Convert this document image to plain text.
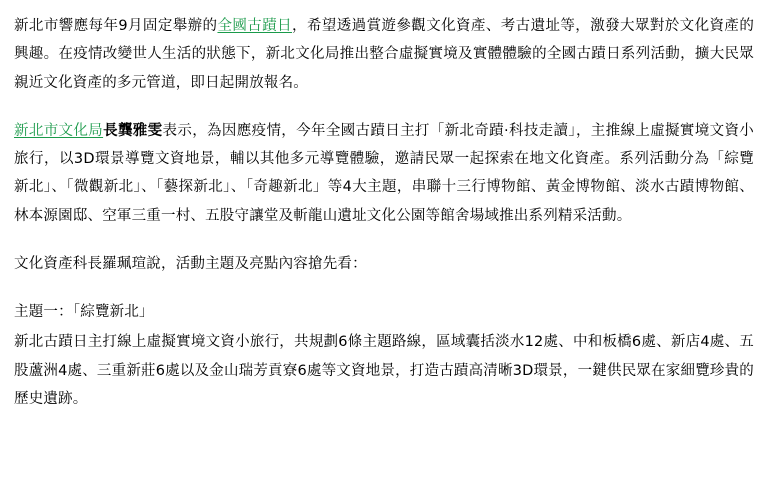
新北市響應每年9月固定舉辦的全國古蹟日，希望透過賞遊參觀文化資產、考古遺址等，激發大眾對於文化資產的興趣。在疫情改變世人生活的狀態下，新北文化局推出整合虛擬實境及實體體驗的全國古蹟日系列活動，擴大民眾親近文化資產的多元管道，即日起開放報名。

新北市文化局長龔雅雯表示，為因應疫情，今年全國古蹟日主打「新北奇蹟·科技走讀」，主推線上虛擬實境文資小旅行，以3D環景導覽文資地景，輔以其他多元導覽體驗，邀請民眾一起探索在地文化資產。系列活動分為「綜覽新北」、「微觀新北」、「藝探新北」、「奇趣新北」等4大主題，串聯十三行博物館、黃金博物館、淡水古蹟博物館、林本源園邸、空軍三重一村、五股守讓堂及斬龍山遺址文化公園等館舍場域推出系列精采活動。

文化資產科長羅珮瑄說，活動主題及亮點內容搶先看：

主題一：「綜覽新北」

新北古蹟日主打線上虛擬實境文資小旅行，共規劃6條主題路線，區域囊括淡水12處、中和板橋6處、新店4處、五股蘆洲4處、三重新莊6處以及金山瑞芳貢寮6處等文資地景，打造古蹟高清晰3D環景，一鍵供民眾在家細覽珍貴的歷史遺跡。
